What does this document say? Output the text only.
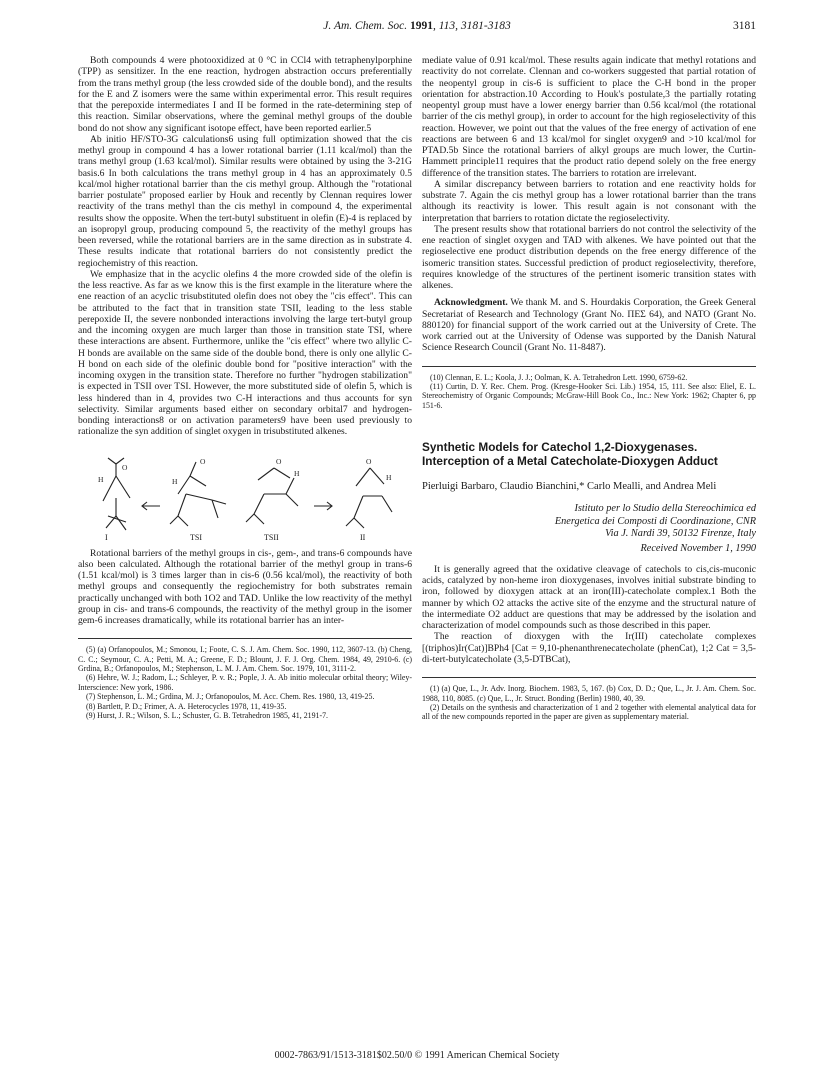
J. Am. Chem. Soc. 1991, 113, 3181-3183	3181

Both compounds 4 were photooxidized at 0 °C in CCl4 with tetraphenylporphine (TPP) as sensitizer. In the ene reaction, hydrogen abstraction occurs preferentially from the trans methyl group (the less crowded side of the double bond), and the results for the E and Z isomers were the same within experimental error. This result requires that the perepoxide intermediates I and II be formed in the rate-determining step of this reaction. Similar observations, where the geminal methyl groups of the double bond do not show any significant isotope effect, have been reported earlier.5

Ab initio HF/STO-3G calculations6 using full optimization showed that the cis methyl group in compound 4 has a lower rotational barrier (1.11 kcal/mol) than the trans methyl group (1.63 kcal/mol). Similar results were obtained by using the 3-21G basis.6 In both calculations the trans methyl group in 4 has an approximately 0.5 kcal/mol higher rotational barrier than the cis methyl group. Although the "rotational barrier postulate" proposed earlier by Houk and recently by Clennan requires lower reactivity of the trans methyl than the cis methyl in compound 4, the experimental results show the opposite. When the tert-butyl substituent in olefin (E)-4 is replaced by an isopropyl group, producing compound 5, the reactivity of the methyl groups has been reversed, while the rotational barriers are in the same direction as in substrate 4. These results indicate that rotational barriers do not consistently predict the regiochemistry of this reaction.

We emphasize that in the acyclic olefins 4 the more crowded side of the olefin is the less reactive. As far as we know this is the first example in the literature where the ene reaction of an acyclic trisubstituted olefin does not obey the "cis effect". This can be attributed to the fact that in transition state TSII, leading to the less stable perepoxide II, the severe nonbonded interactions involving the large tert-butyl group and the incoming oxygen are much larger than those in transition state TSI, where these interactions are absent. Furthermore, unlike the "cis effect" where two allylic C-H bonds are available on the same side of the double bond, there is only one allylic C-H bond on each side of the olefinic double bond for "positive interaction" with the incoming oxygen in the transition state. Therefore no further "hydrogen stabilization" is expected in TSII over TSI. However, the more substituted side of olefin 5, which is less hindered than in 4, provides two C-H interactions and thus accounts for syn selectivity. Similar arguments based either on secondary orbital7 and hydrogen-bonding interactions8 or on activation parameters9 have been used previously to rationalize the syn addition of singlet oxygen in trisubstituted alkenes.

H
O
H
O	O
H
O
H
I	TSI	TSII	II

Rotational barriers of the methyl groups in cis-, gem-, and trans-6 compounds have also been calculated. Although the rotational barrier of the methyl group in trans-6 (1.51 kcal/mol) is 3 times larger than in cis-6 (0.56 kcal/mol), the reactivity of both methyl groups and consequently the regiochemistry for both substrates remain practically unchanged with both 1O2 and TAD. Unlike the low reactivity of the methyl group in cis- and trans-6 compounds, the reactivity of the methyl group in the isomer gem-6 increases dramatically, while its rotational barrier has an inter-

(5) (a) Orfanopoulos, M.; Smonou, I.; Foote, C. S. J. Am. Chem. Soc. 1990, 112, 3607-13. (b) Cheng, C. C.; Seymour, C. A.; Petti, M. A.; Greene, F. D.; Blount, J. F. J. Org. Chem. 1984, 49, 2910-6. (c) Grdina, B.; Orfanopoulos, M.; Stephenson, L. M. J. Am. Chem. Soc. 1979, 101, 3111-2.
(6) Hehre, W. J.; Radom, L.; Schleyer, P. v. R.; Pople, J. A. Ab initio molecular orbital theory; Wiley-Interscience: New york, 1986.
(7) Stephenson, L. M.; Grdina, M. J.; Orfanopoulos, M. Acc. Chem. Res. 1980, 13, 419-25.
(8) Bartlett, P. D.; Frimer, A. A. Heterocycles 1978, 11, 419-35.
(9) Hurst, J. R.; Wilson, S. L.; Schuster, G. B. Tetrahedron 1985, 41, 2191-7.

mediate value of 0.91 kcal/mol. These results again indicate that methyl rotations and reactivity do not correlate. Clennan and co-workers suggested that partial rotation of the neopentyl group in cis-6 is sufficient to place the C-H bond in the proper orientation for abstraction.10 According to Houk's postulate,3 the partially rotating neopentyl group must have a lower energy barrier than 0.56 kcal/mol (the rotational barrier of the cis methyl group), in order to account for the high regioselectivity of this reaction. However, we point out that the values of the free energy of activation of ene reactions are between 6 and 13 kcal/mol for singlet oxygen9 and >10 kcal/mol for PTAD.5b Since the rotational barriers of alkyl groups are much lower, the Curtin-Hammett principle11 requires that the product ratio depend solely on the free energy difference of the transition states. The barriers to rotation are irrelevant.

A similar discrepancy between barriers to rotation and ene reactivity holds for substrate 7. Again the cis methyl group has a lower rotational barrier than the trans although its reactivity is lower. This result again is not consonant with the interpretation that barriers to rotation dictate the regioselectivity.

The present results show that rotational barriers do not control the selectivity of the ene reaction of singlet oxygen and TAD with alkenes. We have pointed out that the regioselective ene product distribution depends on the free energy difference of the isomeric transition states. Successful prediction of product regioselectivity, therefore, requires knowledge of the structures of the pertinent isomeric transition states with alkenes.

Acknowledgment. We thank M. and S. Hourdakis Corporation, the Greek General Secretariat of Research and Technology (Grant No. ΠΕΣ 64), and NATO (Grant No. 880120) for financial support of the work carried out at the University of Crete. The work carried out at the University of Odense was supported by the Danish Natural Science Research Council (Grant No. 11-8487).

(10) Clennan, E. L.; Koola, J. J.; Oolman, K. A. Tetrahedron Lett. 1990, 6759-62.
(11) Curtin, D. Y. Rec. Chem. Prog. (Kresge-Hooker Sci. Lib.) 1954, 15, 111. See also: Eliel, E. L. Stereochemistry of Organic Compounds; McGraw-Hill Book Co., Inc.: New York: 1962; Chapter 6, pp 151-6.
Synthetic Models for Catechol 1,2-Dioxygenases.
Interception of a Metal Catecholate-Dioxygen Adduct
Pierluigi Barbaro, Claudio Bianchini,* Carlo Mealli, and Andrea Meli
Istituto per lo Studio della Stereochimica ed
Energetica dei Composti di Coordinazione, CNR
Via J. Nardi 39, 50132 Firenze, Italy
Received November 1, 1990

It is generally agreed that the oxidative cleavage of catechols to cis,cis-muconic acids, catalyzed by non-heme iron dioxygenases, involves initial substrate binding to iron, followed by dioxygen attack at an iron(III)-catecholate complex.1 Both the manner by which O2 attacks the active site of the enzyme and the structural nature of the intermediate O2 adduct are questions that may be addressed by the isolation and characterization of model compounds such as those described in this paper.

The reaction of dioxygen with the Ir(III) catecholate complexes [(triphos)Ir(Cat)]BPh4 [Cat = 9,10-phenanthrenecatecholate (phenCat), 1;2 Cat = 3,5-di-tert-butylcatecholate (3,5-DTBCat),

(1) (a) Que, L., Jr. Adv. Inorg. Biochem. 1983, 5, 167. (b) Cox, D. D.; Que, L., Jr. J. Am. Chem. Soc. 1988, 110, 8085. (c) Que, L., Jr. Struct. Bonding (Berlin) 1980, 40, 39.
(2) Details on the synthesis and characterization of 1 and 2 together with elemental analytical data for all of the new compounds reported in the paper are given as supplementary material.
0002-7863/91/1513-3181$02.50/0 © 1991 American Chemical Society
